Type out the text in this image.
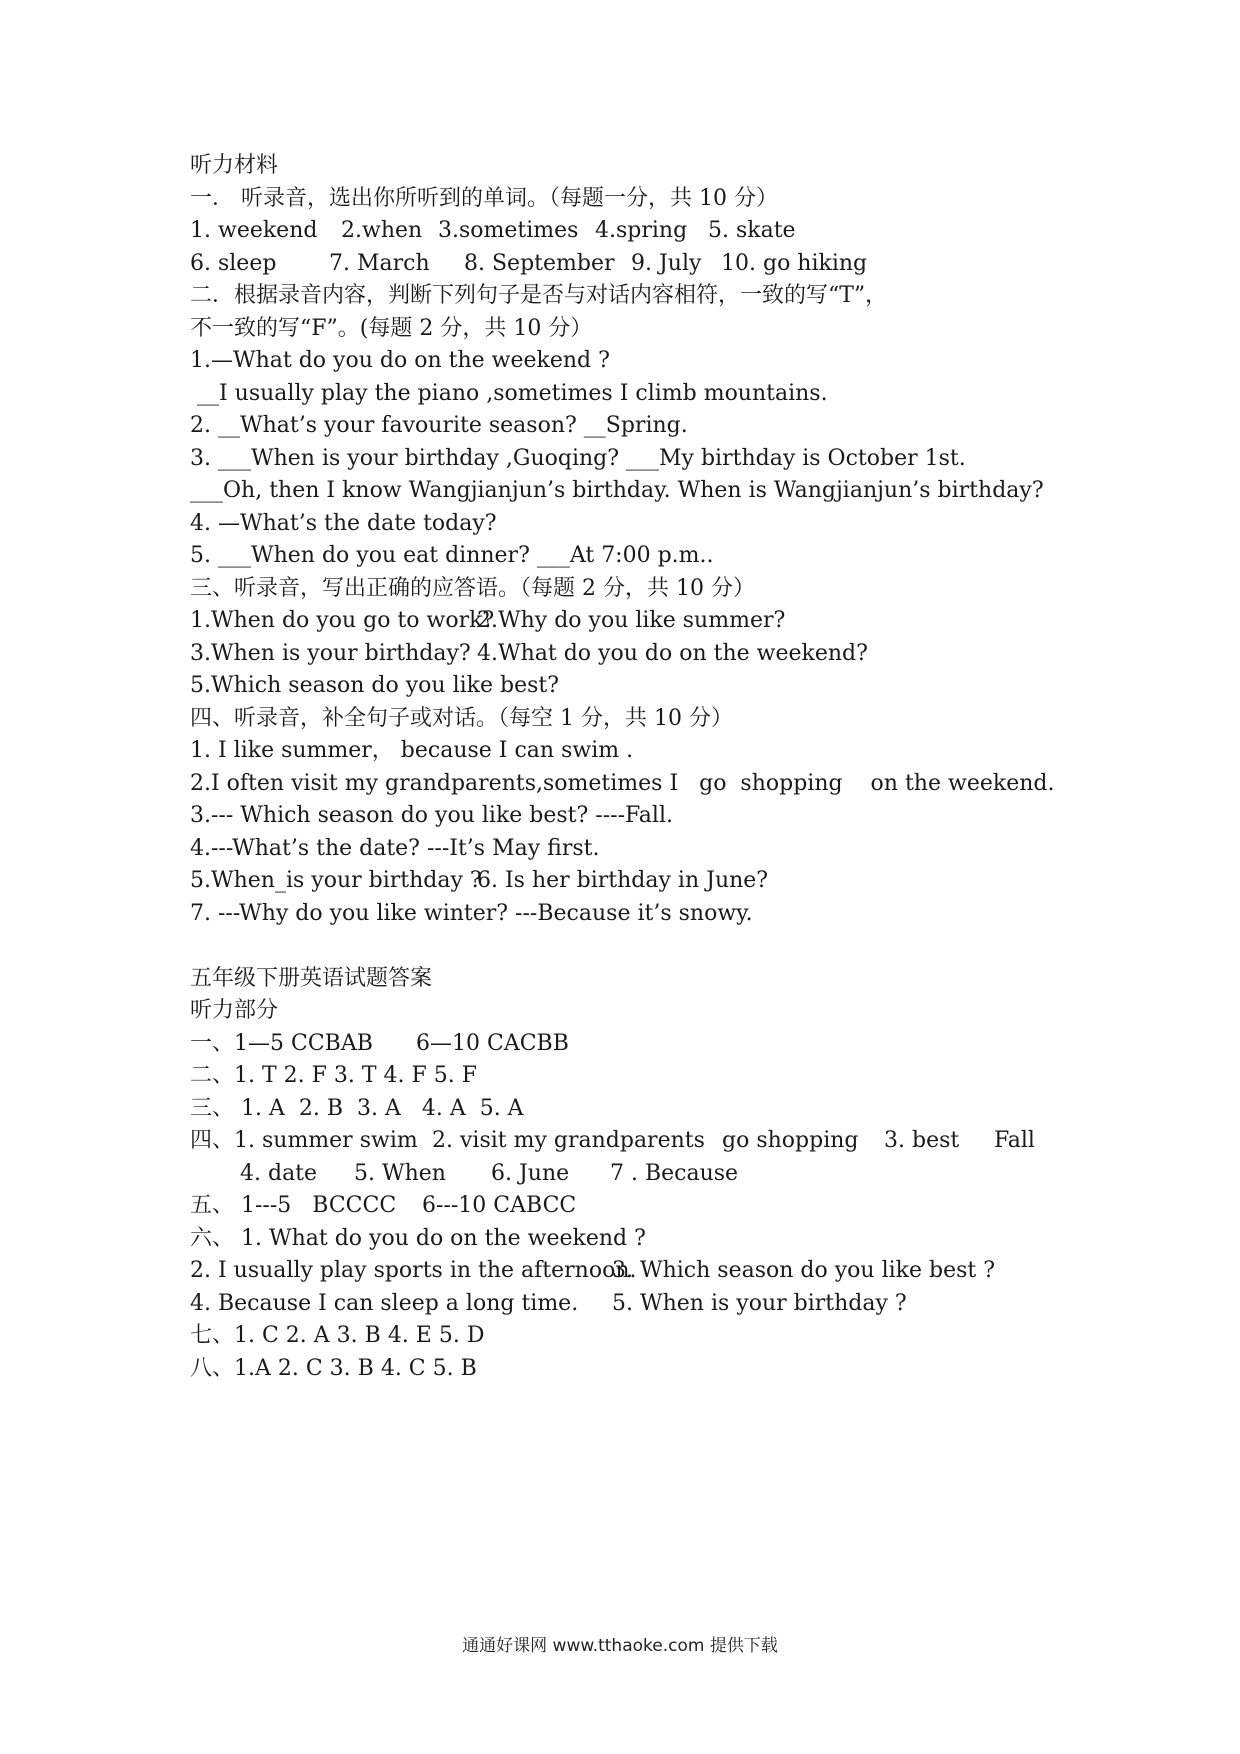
听力材料
一． 听录音，选出你所听到的单词。（每题一分，共 10 分）
1. weekend 2.when 3.sometimes 4.spring 5. skate
6. sleep 7. March 8. September 9. July 10. go hiking
二．根据录音内容，判断下列句子是否与对话内容相符，一致的写“T”，
不一致的写“F”。(每题 2 分，共 10 分）
1.—What do you do on the weekend ?
__I usually play the piano ,sometimes I climb mountains.
2. __What’s your favourite season? __Spring.
3. ___When is your birthday ,Guoqing? ___My birthday is October 1st.
___Oh, then I know Wangjianjun’s birthday. When is Wangjianjun’s birthday?
4. —What’s the date today?
5. ___When do you eat dinner? ___At 7:00 p.m..
三、听录音，写出正确的应答语。（每题 2 分，共 10 分）
1.When do you go to work?
2.Why do you like summer?
3.When is your birthday? 4.What do you do on the weekend?
5.Which season do you like best?
四、听录音，补全句子或对话。（每空 1 分，共 10 分）
1. I like summer， because I can swim .
2.I often visit my grandparents,sometimes I   go  shopping    on the weekend.
3.--- Which season do you like best? ----Fall.
4.---What’s the date? ---It’s May first.
5.When_is your birthday ?
6. Is her birthday in June?
7. ---Why do you like winter? ---Because it’s snowy.
五年级下册英语试题答案
听力部分
一、1—5 CCBAB 6—10 CACBB
二、1. T 2. F 3. T 4. F 5. F
三、 1. A  2. B  3. A   4. A  5. A
四、1. summer swim 2. visit my grandparents go shopping 3. best Fall
4. date 5. When 6. June 7 . Because
五、 1---5   BCCCC 6---10 CABCC
六、 1. What do you do on the weekend ?
2. I usually play sports in the afternoon.
3. Which season do you like best ?
4. Because I can sleep a long time. 5. When is your birthday ?
七、1. C 2. A 3. B 4. E 5. D
八、1.A 2. C 3. B 4. C 5. B
通通好课网 www.tthaoke.com 提供下载
